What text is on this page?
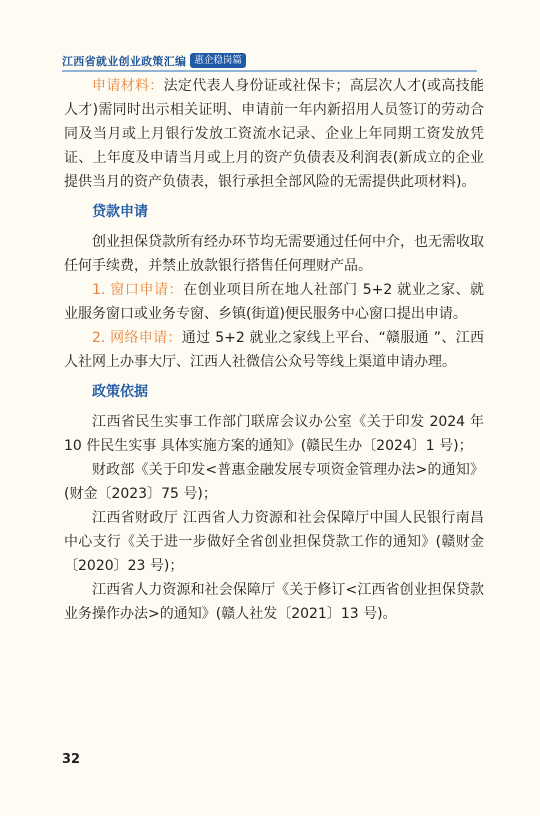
江西省就业创业政策汇编 惠企稳岗篇

申请材料：法定代表人身份证或社保卡；高层次人才(或高技能人才)需同时出示相关证明、申请前一年内新招用人员签订的劳动合同及当月或上月银行发放工资流水记录、企业上年同期工资发放凭证、上年度及申请当月或上月的资产负债表及利润表(新成立的企业提供当月的资产负债表，银行承担全部风险的无需提供此项材料)。

贷款申请

创业担保贷款所有经办环节均无需要通过任何中介，也无需收取任何手续费，并禁止放款银行搭售任何理财产品。

1. 窗口申请：在创业项目所在地人社部门 5+2 就业之家、就业服务窗口或业务专窗、乡镇(街道)便民服务中心窗口提出申请。

2. 网络申请：通过 5+2 就业之家线上平台、“赣服通 ”、江西人社网上办事大厅、江西人社微信公众号等线上渠道申请办理。

政策依据

江西省民生实事工作部门联席会议办公室《关于印发 2024 年 10 件民生实事 具体实施方案的通知》(赣民生办〔2024〕1 号)；

财政部《关于印发<普惠金融发展专项资金管理办法>的通知》(财金〔2023〕75 号)；

江西省财政厅 江西省人力资源和社会保障厅中国人民银行南昌中心支行《关于进一步做好全省创业担保贷款工作的通知》(赣财金〔2020〕23 号)；

江西省人力资源和社会保障厅《关于修订<江西省创业担保贷款业务操作办法>的通知》(赣人社发〔2021〕13 号)。

32
